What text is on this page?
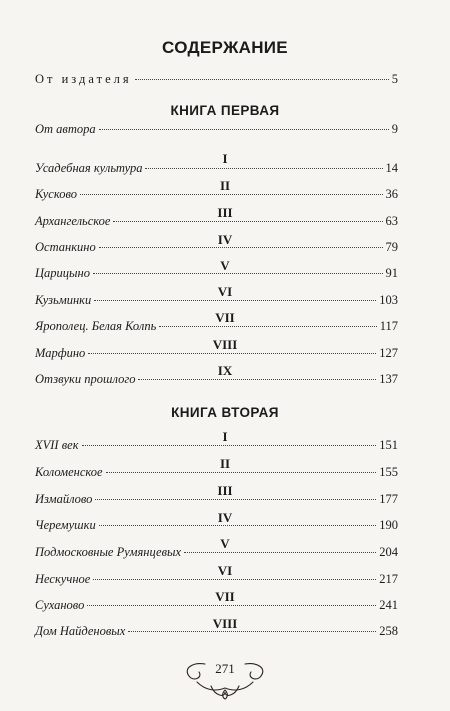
СОДЕРЖАНИЕ
От издателя	5
КНИГА ПЕРВАЯ
От автора	9
I
Усадебная культура	14
II
Кусково	36
III
Архангельское	63
IV
Останкино	79
V
Царицыно	91
VI
Кузьминки	103
VII
Ярополец. Белая Колпь	117
VIII
Марфино	127
IX
Отзвуки прошлого	137
КНИГА ВТОРАЯ
I
XVII век	151
II
Коломенское	155
III
Измайлово	177
IV
Черемушки	190
V
Подмосковные Румянцевых	204
VI
Нескучное	217
VII
Суханово	241
VIII
Дом Найденовых	258
271
